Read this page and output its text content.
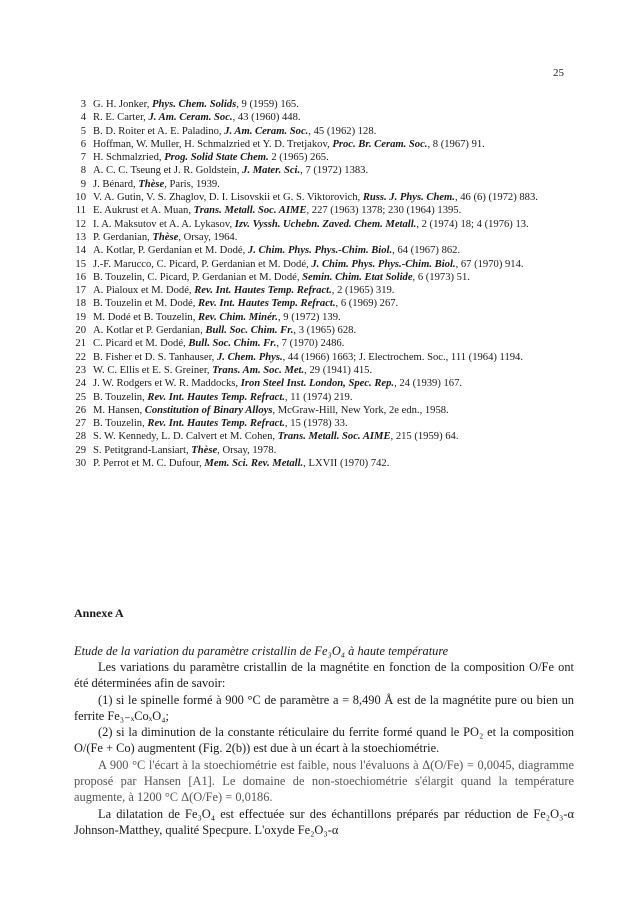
25
3 G. H. Jonker, Phys. Chem. Solids, 9 (1959) 165.
4 R. E. Carter, J. Am. Ceram. Soc., 43 (1960) 448.
5 B. D. Roiter et A. E. Paladino, J. Am. Ceram. Soc., 45 (1962) 128.
6 Hoffman, W. Muller, H. Schmalzried et Y. D. Tretjakov, Proc. Br. Ceram. Soc., 8 (1967) 91.
7 H. Schmalzried, Prog. Solid State Chem. 2 (1965) 265.
8 A. C. C. Tseung et J. R. Goldstein, J. Mater. Sci., 7 (1972) 1383.
9 J. Bénard, Thèse, Paris, 1939.
10 V. A. Gutin, V. S. Zhaglov, D. I. Lisovskii et G. S. Viktorovich, Russ. J. Phys. Chem., 46 (6) (1972) 883.
11 E. Aukrust et A. Muan, Trans. Metall. Soc. AIME, 227 (1963) 1378; 230 (1964) 1395.
12 I. A. Maksutov et A. A. Lykasov, Izv. Vyssh. Uchebn. Zaved. Chem. Metall., 2 (1974) 18; 4 (1976) 13.
13 P. Gerdanian, Thèse, Orsay, 1964.
14 A. Kotlar, P. Gerdanian et M. Dodé, J. Chim. Phys. Phys.-Chim. Biol., 64 (1967) 862.
15 J.-F. Marucco, C. Picard, P. Gerdanian et M. Dodé, J. Chim. Phys. Phys.-Chim. Biol., 67 (1970) 914.
16 B. Touzelin, C. Picard, P. Gerdanian et M. Dodé, Semin. Chim. Etat Solide, 6 (1973) 51.
17 A. Pialoux et M. Dodé, Rev. Int. Hautes Temp. Refract., 2 (1965) 319.
18 B. Touzelin et M. Dodé, Rev. Int. Hautes Temp. Refract., 6 (1969) 267.
19 M. Dodé et B. Touzelin, Rev. Chim. Minér., 9 (1972) 139.
20 A. Kotlar et P. Gerdanian, Bull. Soc. Chim. Fr., 3 (1965) 628.
21 C. Picard et M. Dodé, Bull. Soc. Chim. Fr., 7 (1970) 2486.
22 B. Fisher et D. S. Tanhauser, J. Chem. Phys., 44 (1966) 1663; J. Electrochem. Soc., 111 (1964) 1194.
23 W. C. Ellis et E. S. Greiner, Trans. Am. Soc. Met., 29 (1941) 415.
24 J. W. Rodgers et W. R. Maddocks, Iron Steel Inst. London, Spec. Rep., 24 (1939) 167.
25 B. Touzelin, Rev. Int. Hautes Temp. Refract., 11 (1974) 219.
26 M. Hansen, Constitution of Binary Alloys, McGraw-Hill, New York, 2e edn., 1958.
27 B. Touzelin, Rev. Int. Hautes Temp. Refract., 15 (1978) 33.
28 S. W. Kennedy, L. D. Calvert et M. Cohen, Trans. Metall. Soc. AIME, 215 (1959) 64.
29 S. Petitgrand-Lansiart, Thèse, Orsay, 1978.
30 P. Perrot et M. C. Dufour, Mem. Sci. Rev. Metall., LXVII (1970) 742.
Annexe A
Etude de la variation du paramètre cristallin de Fe₃O₄ à haute température

Les variations du paramètre cristallin de la magnétite en fonction de la composition O/Fe ont été déterminées afin de savoir:

(1) si le spinelle formé à 900 °C de paramètre a = 8,490 Å est de la magnétite pure ou bien un ferrite Fe₃₋ₓCoₓO₄;

(2) si la diminution de la constante réticulaire du ferrite formé quand le PO₂ et la composition O/(Fe + Co) augmentent (Fig. 2(b)) est due à un écart à la stoechiométrie.

A 900 °C l'écart à la stoechiométrie est faible, nous l'évaluons à Δ(O/Fe) = 0,0045, diagramme proposé par Hansen [A1]. Le domaine de non-stoechiométrie s'élargit quand la température augmente, à 1200 °C Δ(O/Fe) = 0,0186.

La dilatation de Fe₃O₄ est effectuée sur des échantillons préparés par réduction de Fe₂O₃-α Johnson-Matthey, qualité Specpure. L'oxyde Fe₂O₃-α
